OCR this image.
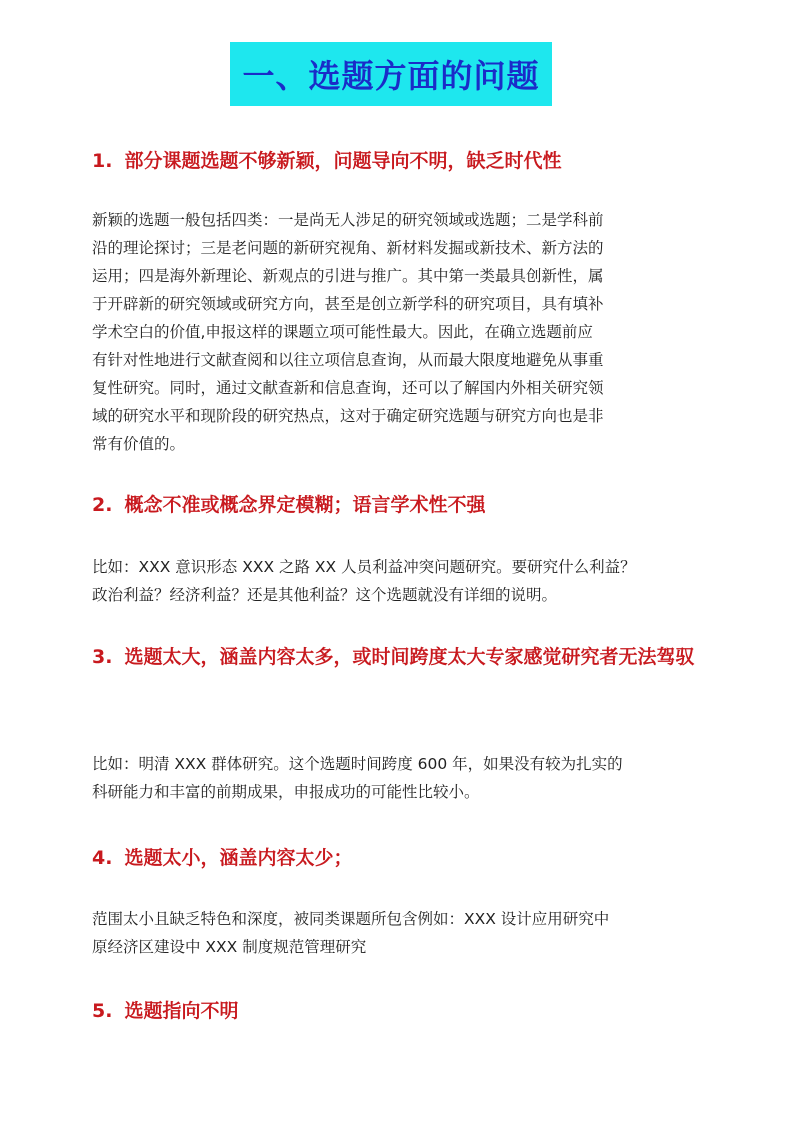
一、选题方面的问题
1. 部分课题选题不够新颖，问题导向不明，缺乏时代性
新颖的选题一般包括四类：一是尚无人涉足的研究领域或选题；二是学科前
沿的理论探讨；三是老问题的新研究视角、新材料发掘或新技术、新方法的
运用；四是海外新理论、新观点的引进与推广。其中第一类最具创新性，属
于开辟新的研究领域或研究方向，甚至是创立新学科的研究项目，具有填补
学术空白的价值,申报这样的课题立项可能性最大。因此，在确立选题前应
有针对性地进行文献查阅和以往立项信息查询，从而最大限度地避免从事重
复性研究。同时，通过文献查新和信息查询，还可以了解国内外相关研究领
域的研究水平和现阶段的研究热点，这对于确定研究选题与研究方向也是非
常有价值的。
2. 概念不准或概念界定模糊；语言学术性不强
比如：XXX 意识形态 XXX 之路 XX 人员利益冲突问题研究。要研究什么利益？
政治利益？经济利益？还是其他利益？这个选题就没有详细的说明。
3. 选题太大，涵盖内容太多，或时间跨度太大专家感觉研究者无法驾驭
比如：明清 XXX 群体研究。这个选题时间跨度 600 年，如果没有较为扎实的
科研能力和丰富的前期成果，申报成功的可能性比较小。
4. 选题太小，涵盖内容太少；
范围太小且缺乏特色和深度，被同类课题所包含例如：XXX 设计应用研究中
原经济区建设中 XXX 制度规范管理研究
5. 选题指向不明
